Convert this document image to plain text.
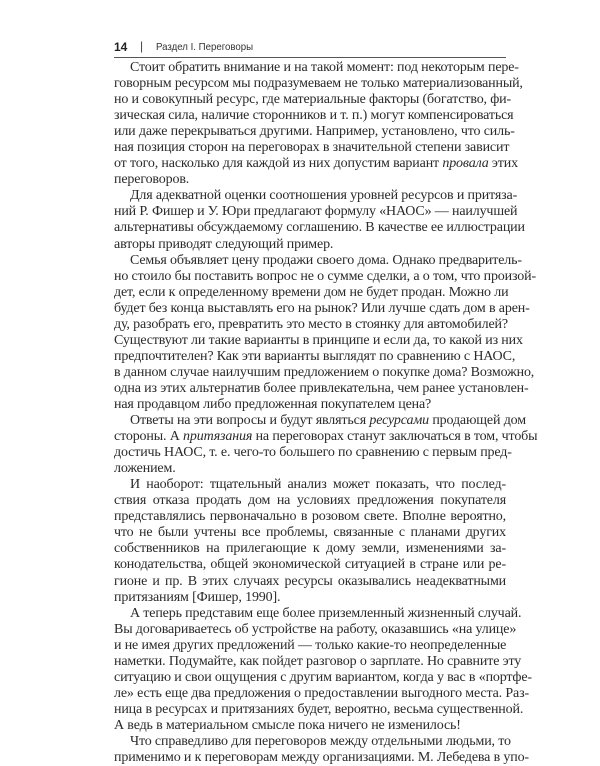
14 | Раздел I. Переговоры
Стоит обратить внимание и на такой момент: под некоторым пере-
говорным ресурсом мы подразумеваем не только материализованный,
но и совокупный ресурс, где материальные факторы (богатство, фи-
зическая сила, наличие сторонников и т. п.) могут компенсироваться
или даже перекрываться другими. Например, установлено, что силь-
ная позиция сторон на переговорах в значительной степени зависит
от того, насколько для каждой из них допустим вариант провала этих
переговоров.
Для адекватной оценки соотношения уровней ресурсов и притяза-
ний Р. Фишер и У. Юри предлагают формулу «НАОС» — наилучшей
альтернативы обсуждаемому соглашению. В качестве ее иллюстрации
авторы приводят следующий пример.
Семья объявляет цену продажи своего дома. Однако предваритель-
но стоило бы поставить вопрос не о сумме сделки, а о том, что произой-
дет, если к определенному времени дом не будет продан. Можно ли
будет без конца выставлять его на рынок? Или лучше сдать дом в арен-
ду, разобрать его, превратить это место в стоянку для автомобилей?
Существуют ли такие варианты в принципе и если да, то какой из них
предпочтителен? Как эти варианты выглядят по сравнению с НАОС,
в данном случае наилучшим предложением о покупке дома? Возможно,
одна из этих альтернатив более привлекательна, чем ранее установлен-
ная продавцом либо предложенная покупателем цена?
Ответы на эти вопросы и будут являться ресурсами продающей дом
стороны. А притязания на переговорах станут заключаться в том, чтобы
достичь НАОС, т. е. чего-то большего по сравнению с первым пред-
ложением.
И наоборот: тщательный анализ может показать, что послед-
ствия отказа продать дом на условиях предложения покупателя
представлялись первоначально в розовом свете. Вполне вероятно,
что не были учтены все проблемы, связанные с планами других
собственников на прилегающие к дому земли, изменениями за-
конодательства, общей экономической ситуацией в стране или ре-
гионе и пр. В этих случаях ресурсы оказывались неадекватными
притязаниям [Фишер, 1990].
А теперь представим еще более приземленный жизненный случай.
Вы договариваетесь об устройстве на работу, оказавшись «на улице»
и не имея других предложений — только какие-то неопределенные
наметки. Подумайте, как пойдет разговор о зарплате. Но сравните эту
ситуацию и свои ощущения с другим вариантом, когда у вас в «портфе-
ле» есть еще два предложения о предоставлении выгодного места. Раз-
ница в ресурсах и притязаниях будет, вероятно, весьма существенной.
А ведь в материальном смысле пока ничего не изменилось!
Что справедливо для переговоров между отдельными людьми, то
применимо и к переговорам между организациями. М. Лебедева в упо-
